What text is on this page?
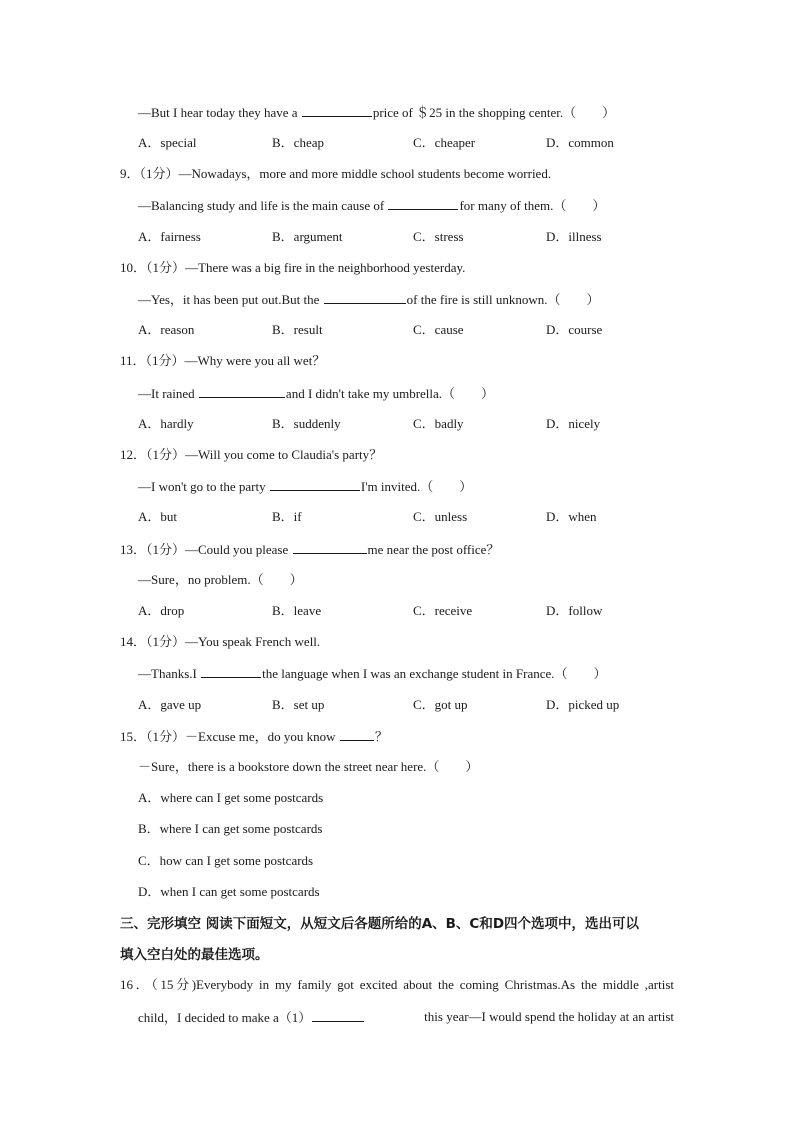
—But I hear today they have a	price of ＄25 in the shopping center.（　　）
A．special	B．cheap	C．cheaper	D．common
9．（1分）—Nowadays，more and more middle school students become worried.
—Balancing study and life is the main cause of	for many of them.（　　）
A．fairness	B．argument	C．stress	D．illness
10．（1分）—There was a big fire in the neighborhood yesterday.
—Yes，it has been put out.But the	of the fire is still unknown.（　　）
A．reason	B．result	C．cause	D．course
11．（1分）—Why were you all wet？
—It rained	and I didn't take my umbrella.（　　）
A．hardly	B．suddenly	C．badly	D．nicely
12．（1分）—Will you come to Claudia's party？
—I won't go to the party	I'm invited.（　　）
A．but	B．if	C．unless	D．when
13．（1分）—Could you please	me near the post office？
—Sure，no problem.（　　）
A．drop	B．leave	C．receive	D．follow
14．（1分）—You speak French well.
—Thanks.I	the language when I was an exchange student in France.（　　）
A．gave up	B．set up	C．got up	D．picked up
15．（1分）－Excuse me，do you know	？
－Sure，there is a bookstore down the street near here.（　　）
A．where can I get some postcards
B．where I can get some postcards
C．how can I get some postcards
D．when I can get some postcards
三、完形填空 阅读下面短文，从短文后各题所给的A、B、C和D四个选项中，选出可以
填入空白处的最佳选项。
16．（15分)Everybody in my family got excited about the coming Christmas.As the middle ,artist
child，I decided to make a（1）	this year—I would spend the holiday at an artist
